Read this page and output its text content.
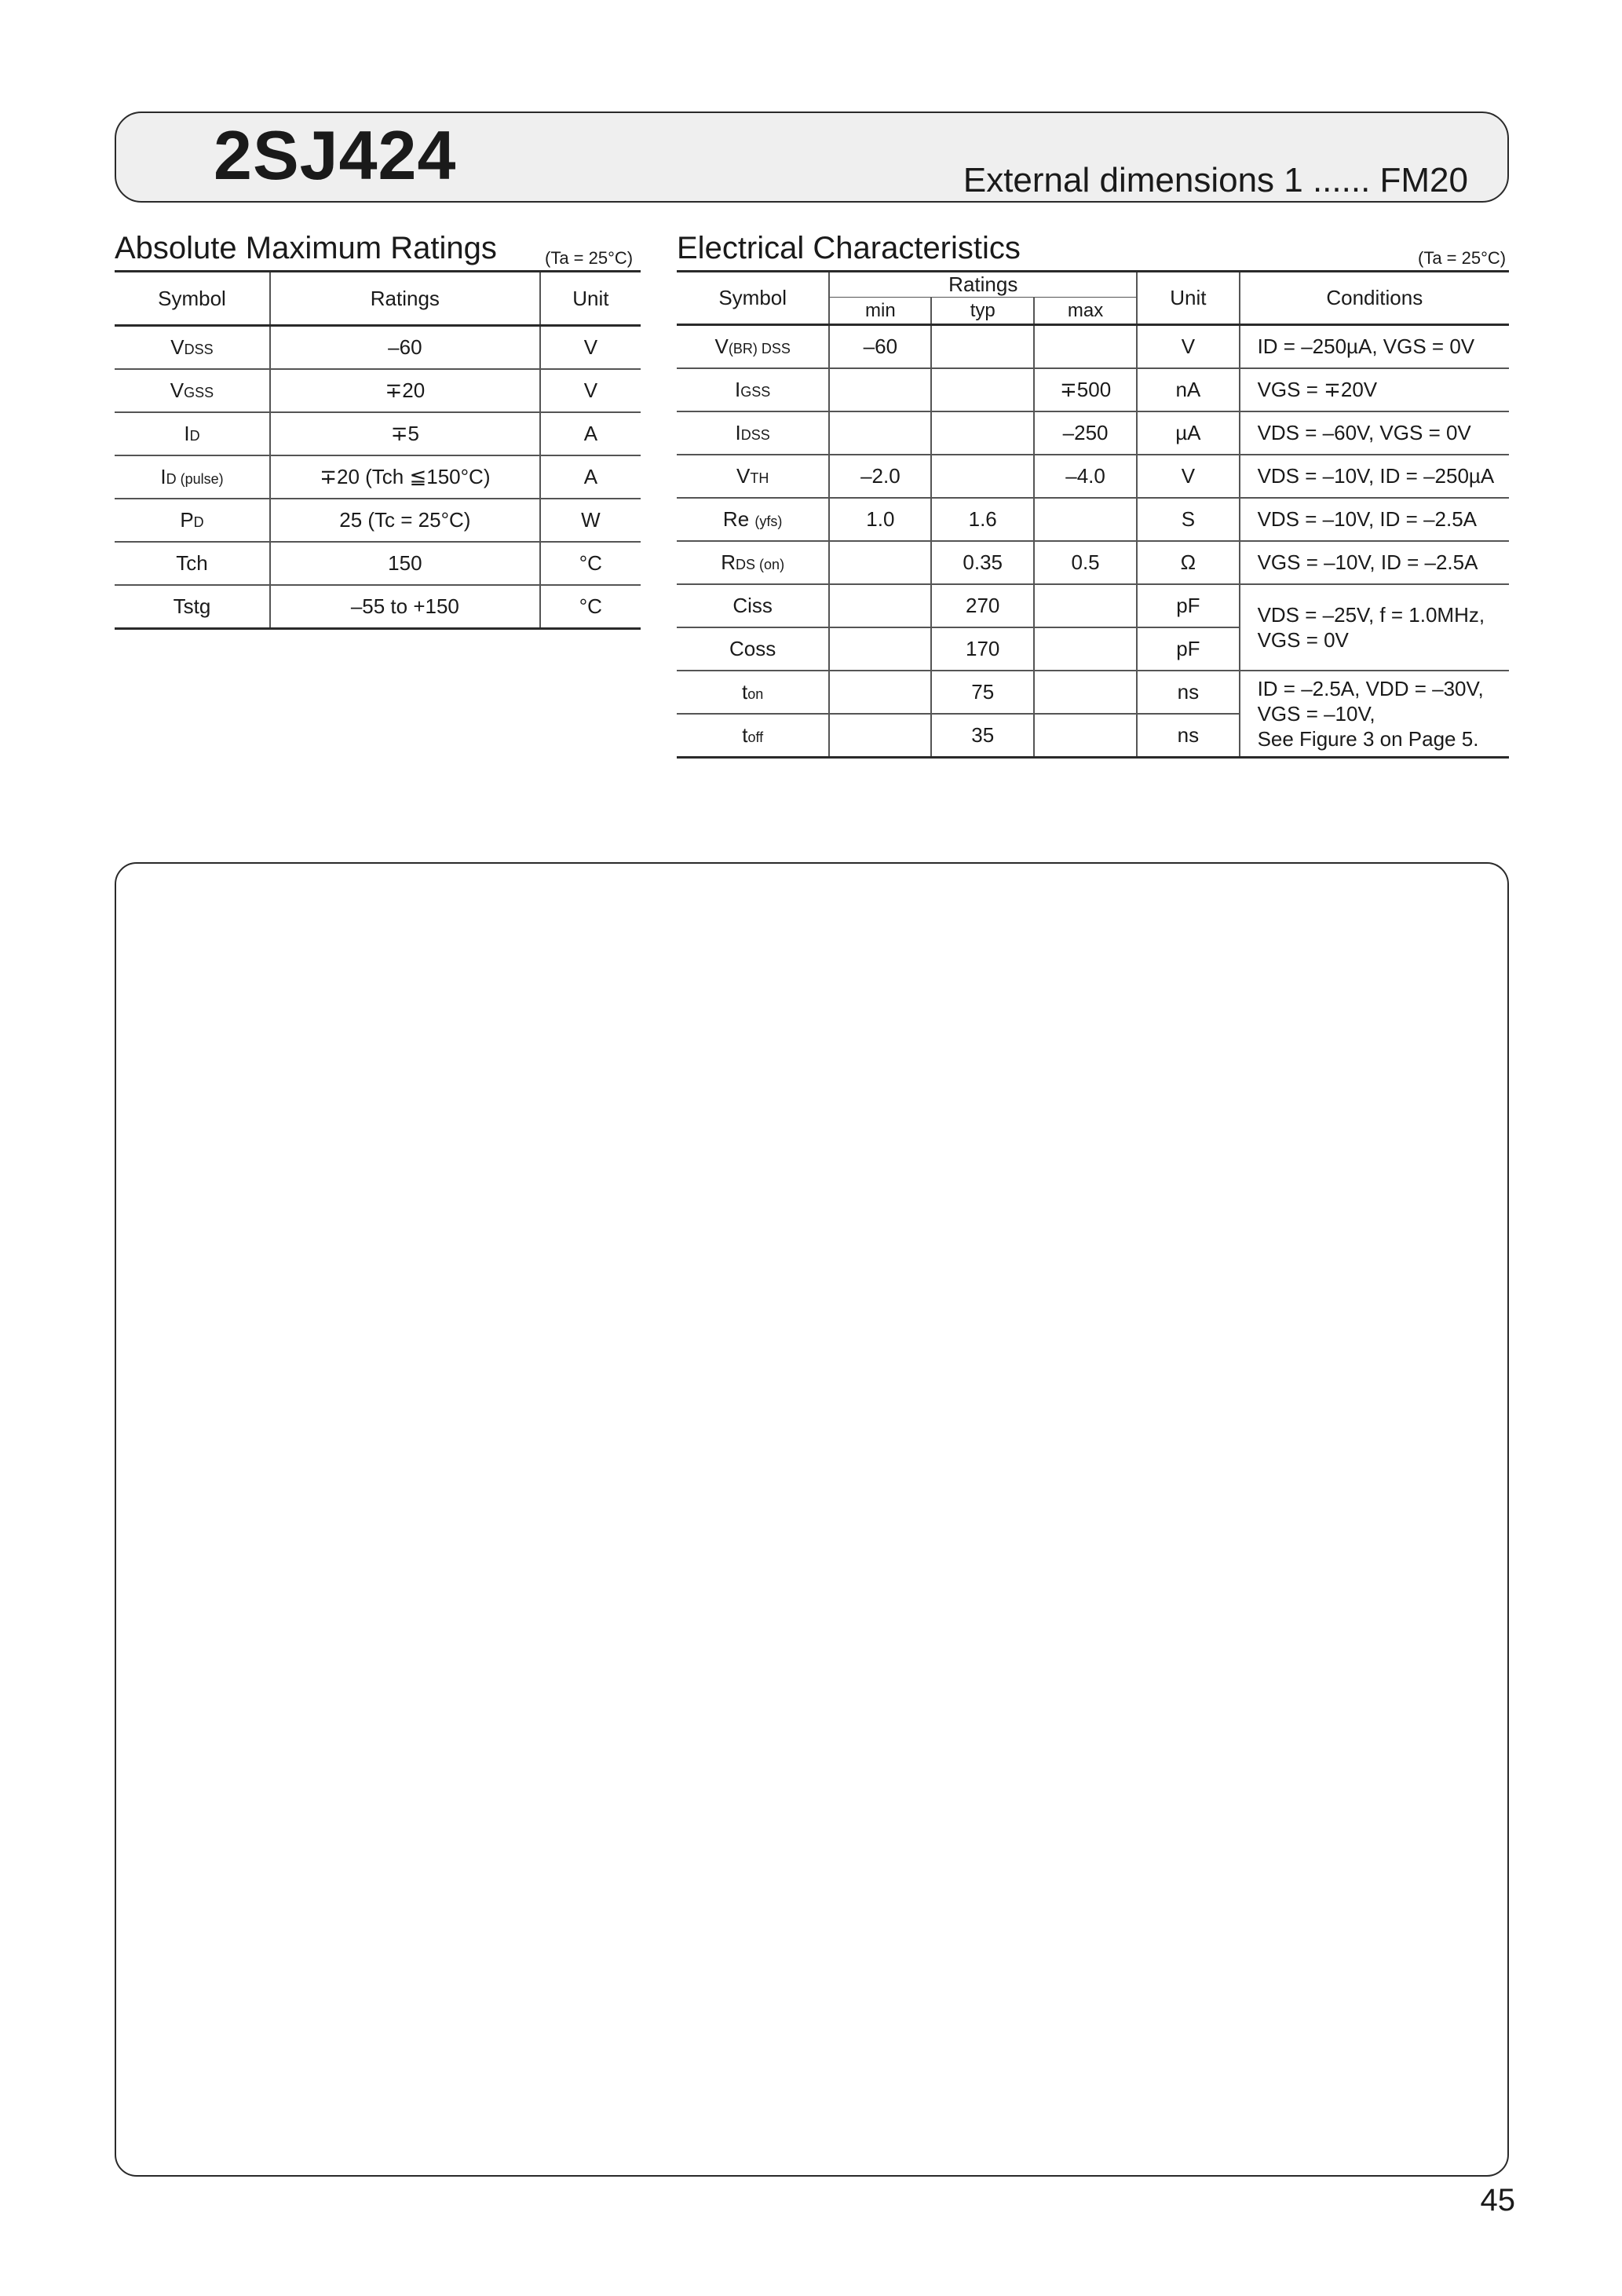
2SJ424	External dimensions 1 ...... FM20
Absolute Maximum Ratings	(Ta = 25°C)
Symbol	Ratings	Unit
VDSS	–60	V
VGSS	∓20	V
ID	∓5	A
ID (pulse)	∓20 (Tch ≦150°C)	A
PD	25 (Tc = 25°C)	W
Tch	150	°C
Tstg	–55 to +150	°C
Electrical Characteristics	(Ta = 25°C)
Symbol	Ratings			Unit	Conditions
	min	typ	max		
V(BR) DSS	–60			V	ID = –250µA, VGS = 0V
IGSS			∓500	nA	VGS = ∓20V
IDSS			–250	µA	VDS = –60V, VGS = 0V
VTH	–2.0		–4.0	V	VDS = –10V, ID = –250µA
Re (yfs)	1.0	1.6		S	VDS = –10V, ID = –2.5A
RDS (on)		0.35	0.5	Ω	VGS = –10V, ID = –2.5A
Ciss		270		pF	VDS = –25V, f = 1.0MHz,
VGS = 0V

Coss		170		pF	
ton		75		ns	ID = –2.5A, VDD = –30V,
VGS = –10V,
See Figure 3 on Page 5.

toff		35		ns	
45
